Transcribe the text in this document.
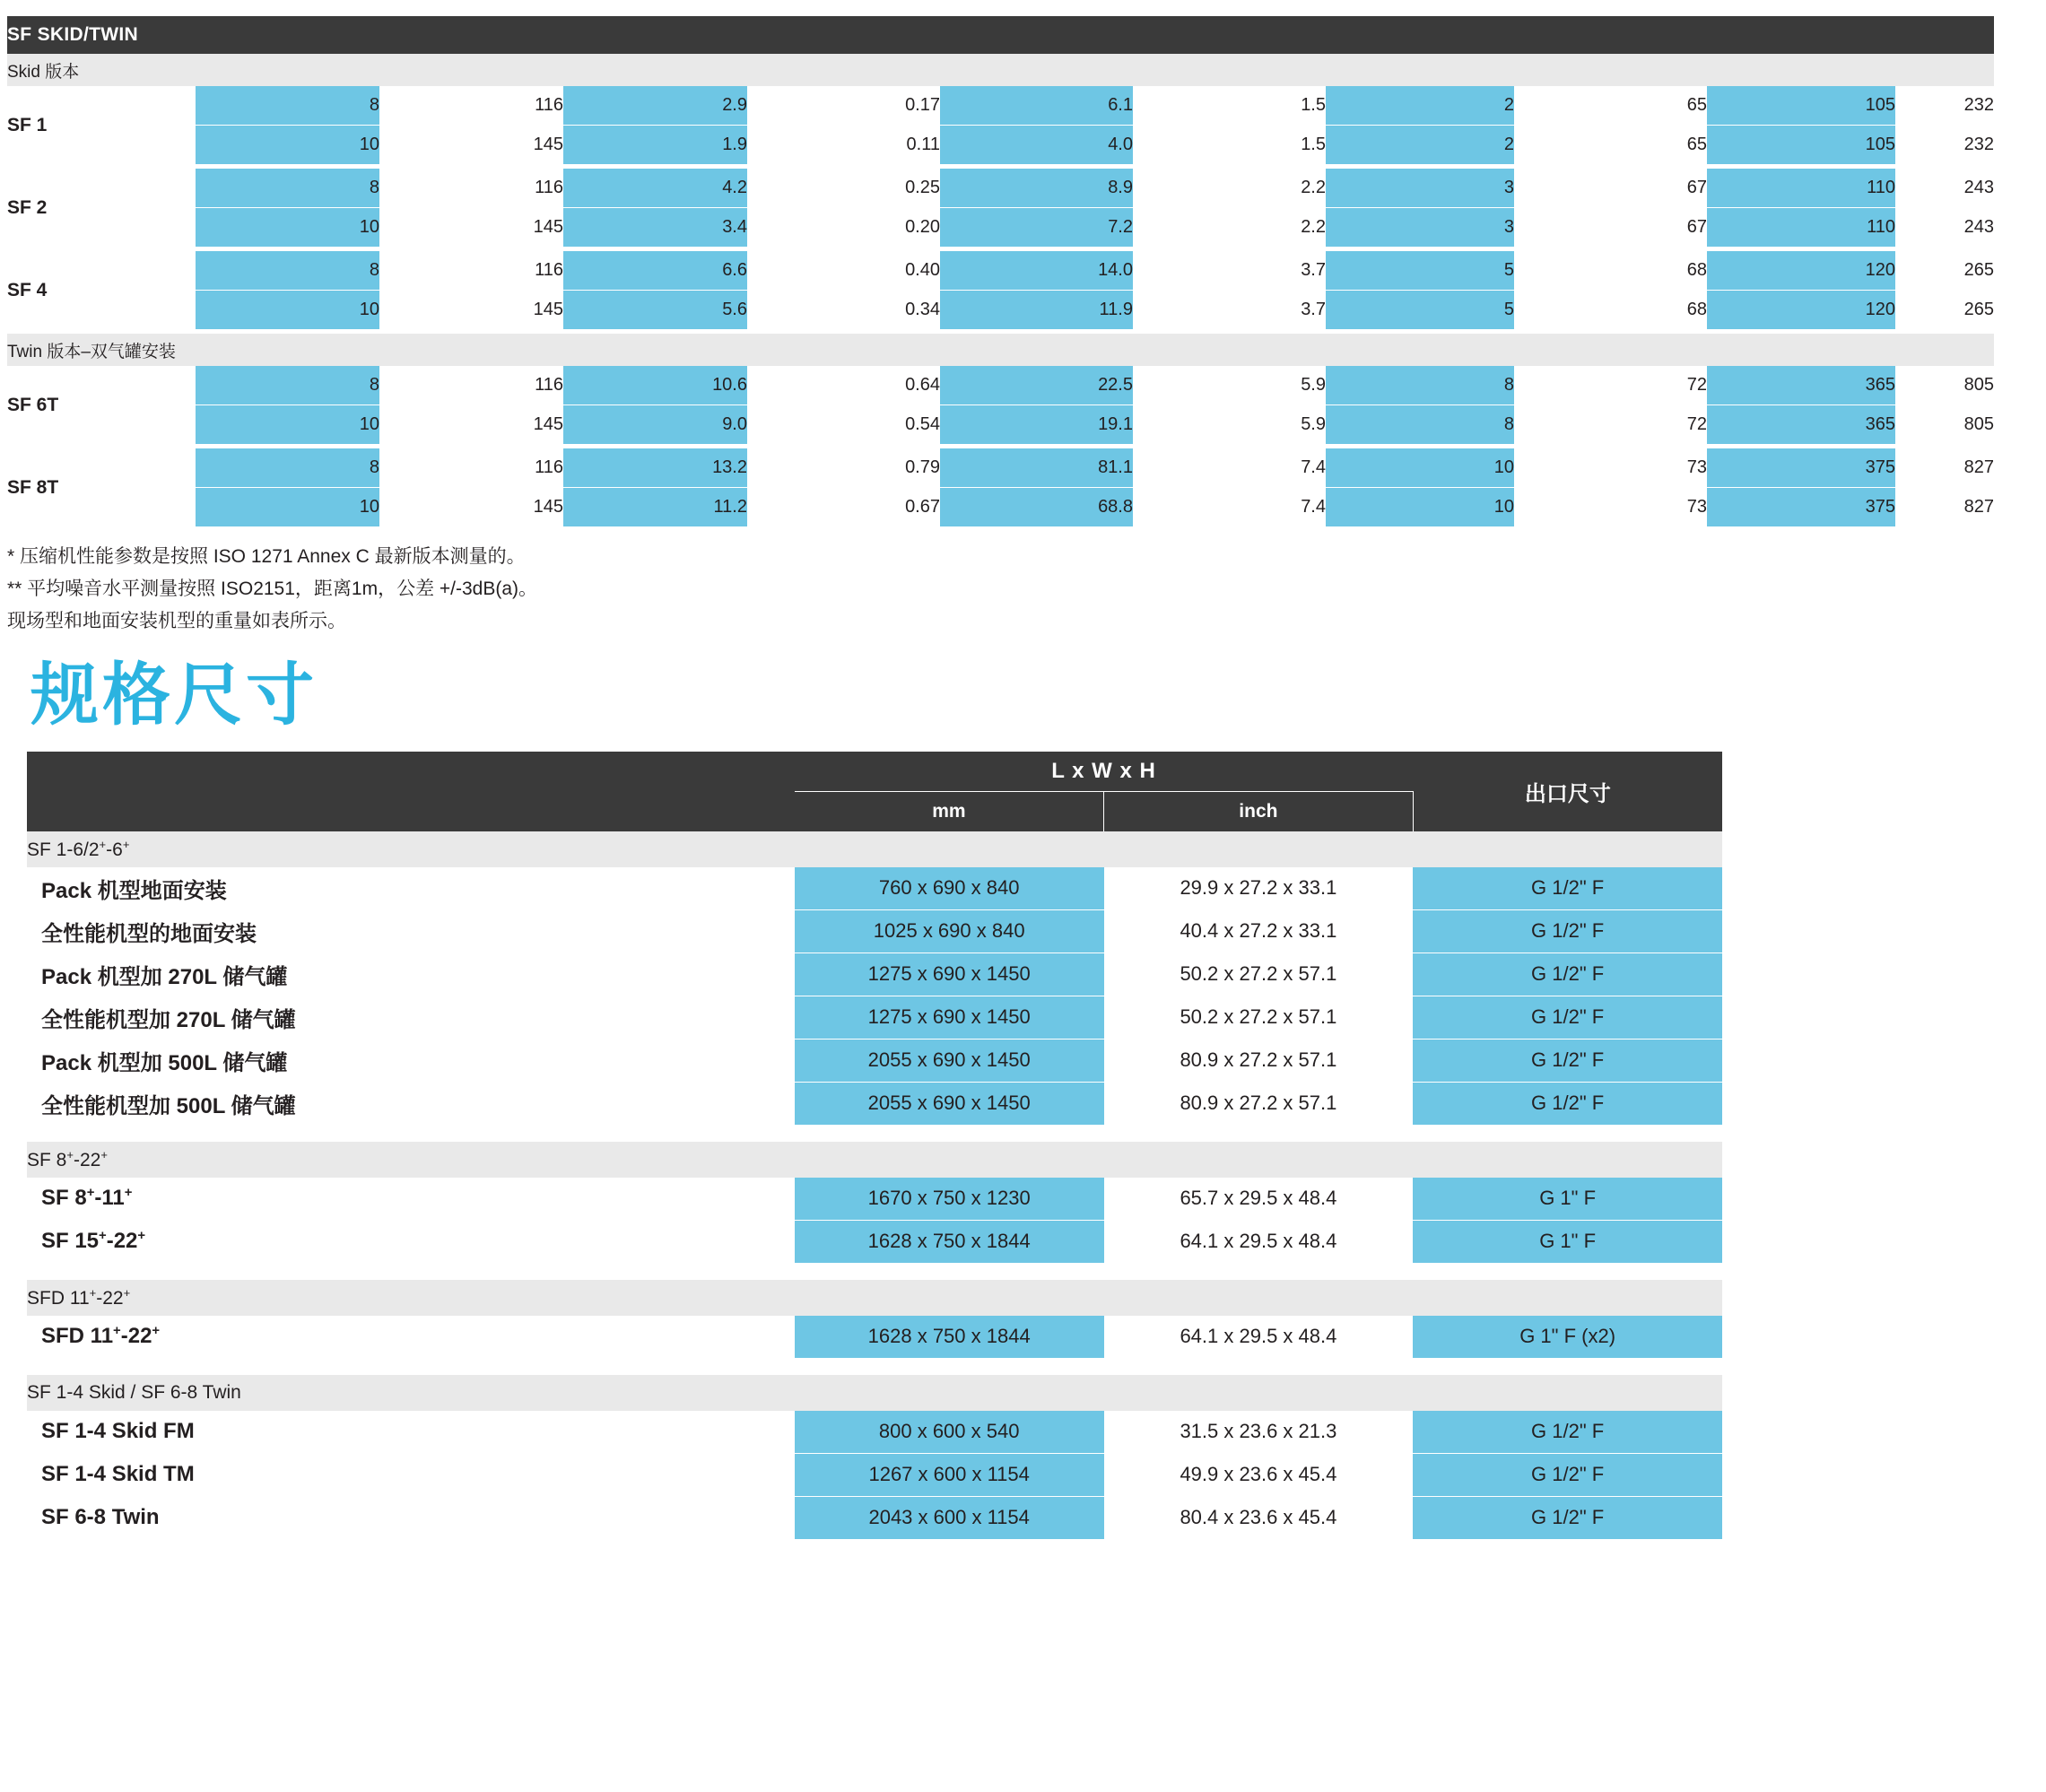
SF SKID/TWIN										
Skid 版本										
SF 1	8	116	2.9	0.17	6.1	1.5	2	65	105	232
	10	145	1.9	0.11	4.0	1.5	2	65	105	232

SF 2	8	116	4.2	0.25	8.9	2.2	3	67	110	243
	10	145	3.4	0.20	7.2	2.2	3	67	110	243

SF 4	8	116	6.6	0.40	14.0	3.7	5	68	120	265
	10	145	5.6	0.34	11.9	3.7	5	68	120	265

Twin 版本–双气罐安装										
SF 6T	8	116	10.6	0.64	22.5	5.9	8	72	365	805
	10	145	9.0	0.54	19.1	5.9	8	72	365	805

SF 8T	8	116	13.2	0.79	81.1	7.4	10	73	375	827
	10	145	11.2	0.67	68.8	7.4	10	73	375	827
* 压缩机性能参数是按照 ISO 1271 Annex C 最新版本测量的。
** 平均噪音水平测量按照 ISO2151，距离1m，公差 +/-3dB(a)。
现场型和地面安装机型的重量如表所示。
规格尺寸
	L x W x H		出口尺寸
	mm	inch	
SF 1-6/2+-6+
Pack 机型地面安装	760 x 690 x 840	29.9 x 27.2 x 33.1	G 1/2" F
全性能机型的地面安装	1025 x 690 x 840	40.4 x 27.2 x 33.1	G 1/2" F
Pack 机型加 270L 储气罐	1275 x 690 x 1450	50.2 x 27.2 x 57.1	G 1/2" F
全性能机型加 270L 储气罐	1275 x 690 x 1450	50.2 x 27.2 x 57.1	G 1/2" F
Pack 机型加 500L 储气罐	2055 x 690 x 1450	80.9 x 27.2 x 57.1	G 1/2" F
全性能机型加 500L 储气罐	2055 x 690 x 1450	80.9 x 27.2 x 57.1	G 1/2" F

SF 8+-22+
SF 8+-11+	1670 x 750 x 1230	65.7 x 29.5 x 48.4	G 1" F
SF 15+-22+	1628 x 750 x 1844	64.1 x 29.5 x 48.4	G 1" F

SFD 11+-22+
SFD 11+-22+	1628 x 750 x 1844	64.1 x 29.5 x 48.4	G 1" F (x2)

SF 1-4 Skid / SF 6-8 Twin			
SF 1-4 Skid FM	800 x 600 x 540	31.5 x 23.6 x 21.3	G 1/2" F
SF 1-4 Skid TM	1267 x 600 x 1154	49.9 x 23.6 x 45.4	G 1/2" F
SF 6-8 Twin	2043 x 600 x 1154	80.4 x 23.6 x 45.4	G 1/2" F
